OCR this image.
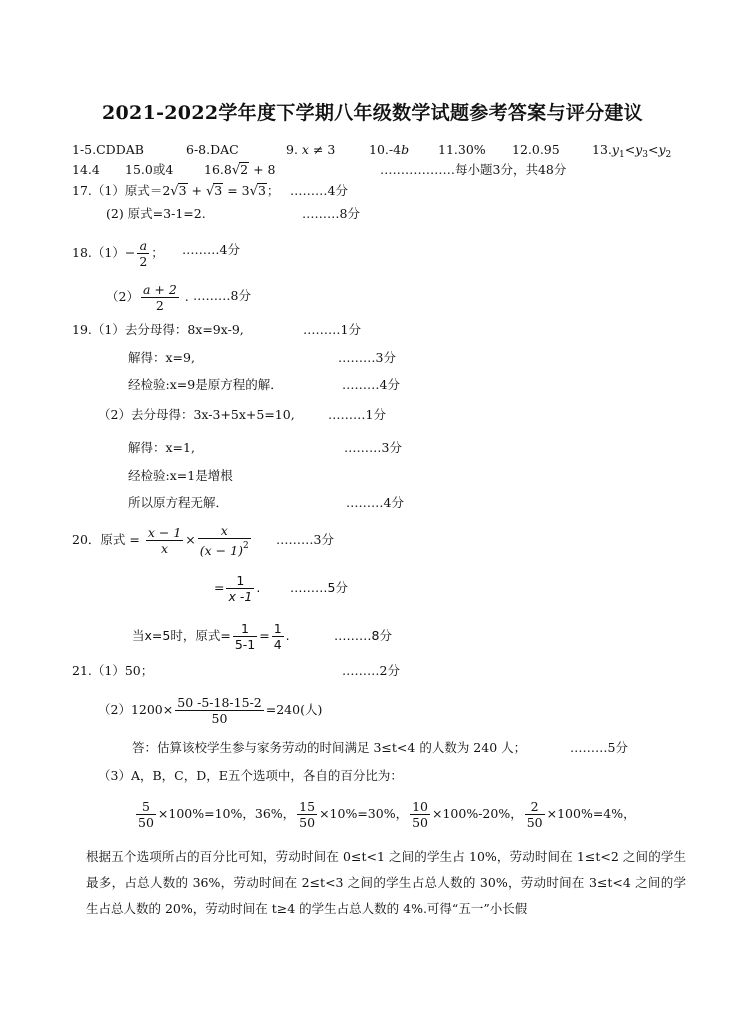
2021-2022学年度下学期八年级数学试题参考答案与评分建议
1-5.CDDAB	6-8.DAC	9. x ≠ 3	10.-4b 11.30% 12.0.95	$13.y_1<y_3<y_2$
14.4 15.0或4 16.8√2 + 8	………………每小题3分，共48分
17.（1）原式＝2√3 + √3 = 3√3； ………4分
(2) 原式=3-1=2.	………8分
$18.(1)- \frac{a}{2}$ ； ………4分
$(2) \frac{a + 2}{2}$ . ………8分
19.（1）去分母得：8x=9x-9,	………1分
解得：x=9,	………3分
经检验:x=9是原方程的解．	………4分
（2）去分母得：3x-3+5x+5=10,	………1分
解得：x=1,	………3分
经检验:x=1是增根
所以原方程无解．	………4分
20．原式 = $\frac{x - 1}{x} \times \frac{x}{(x - 1)^2}$ ………3分
= $\frac{1}{x -1}$ . ………5分
当x=5时，原式= $\frac{1}{5-1} = \frac{1}{4}$ .	………8分
21.（1）50；	………2分
$(2)1200\times \frac{50 -5-18-15-2}{50} =240$(人)
答：估算该校学生参与家务劳动的时间满足 3≤t<4 的人数为 240 人；	………5分
（3）A，B，C，D，E五个选项中，各自的百分比为：
$\frac{5}{50} \times 100\%=10\%$，36%， $\frac{15}{50} \times 10\%=30\%$， $\frac{10}{50} \times 100\%-20\%$， $\frac{2}{50} \times 100\%=4\%$，
根据五个选项所占的百分比可知，劳动时间在 0≤t<1 之间的学生占 10%，劳动时间在 1≤t<2 之间的学生最多，占总人数的 36%，劳动时间在 2≤t<3 之间的学生占总人数的 30%，劳动时间在 3≤t<4 之间的学生占总人数的 20%，劳动时间在 t≥4 的学生占总人数的 4%.可得“五一”小长假
